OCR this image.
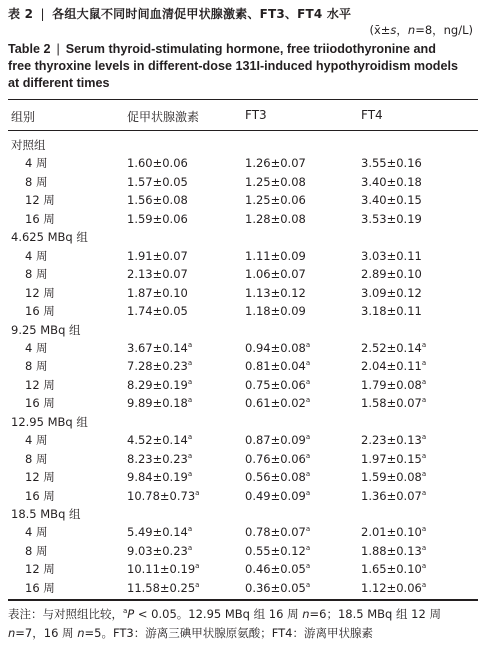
表 2 | 各组大鼠不同时间血清促甲状腺激素、FT3、FT4 水平
(x̄±s，n=8，ng/L)
Table 2 | Serum thyroid-stimulating hormone, free triiodothyronine and
free thyroxine levels in different-dose 131I-induced hypothyroidism models
at different times
组别	促甲状腺激素	FT3	FT4
对照组
4 周	1.60±0.06	1.26±0.07	3.55±0.16
8 周	1.57±0.05	1.25±0.08	3.40±0.18
12 周	1.56±0.08	1.25±0.06	3.40±0.15
16 周	1.59±0.06	1.28±0.08	3.53±0.19
4.625 MBq 组
4 周	1.91±0.07	1.11±0.09	3.03±0.11
8 周	2.13±0.07	1.06±0.07	2.89±0.10
12 周	1.87±0.10	1.13±0.12	3.09±0.12
16 周	1.74±0.05	1.18±0.09	3.18±0.11
9.25 MBq 组
4 周	3.67±0.14$^a$	0.94±0.08$^a$	2.52±0.14$^a$
8 周	7.28±0.23$^a$	0.81±0.04$^a$	2.04±0.11$^a$
12 周	8.29±0.19$^a$	0.75±0.06$^a$	1.79±0.08$^a$
16 周	9.89±0.18$^a$	0.61±0.02$^a$	1.58±0.07$^a$
12.95 MBq 组
4 周	4.52±0.14$^a$	0.87±0.09$^a$	2.23±0.13$^a$
8 周	8.23±0.23$^a$	0.76±0.06$^a$	1.97±0.15$^a$
12 周	9.84±0.19$^a$	0.56±0.08$^a$	1.59±0.08$^a$
16 周	10.78±0.73$^a$	0.49±0.09$^a$	1.36±0.07$^a$
18.5 MBq 组
4 周	5.49±0.14$^a$	0.78±0.07$^a$	2.01±0.10$^a$
8 周	9.03±0.23$^a$	0.55±0.12$^a$	1.88±0.13$^a$
12 周	10.11±0.19$^a$	0.46±0.05$^a$	1.65±0.10$^a$
16 周	11.58±0.25$^a$	0.36±0.05$^a$	1.12±0.06$^a$
表注：与对照组比较，$^a$P < 0.05。12.95 MBq 组 16 周 n=6；18.5 MBq 组 12 周 n=7，16 周 n=5。FT3：游离三碘甲状腺原氨酸；FT4：游离甲状腺素
